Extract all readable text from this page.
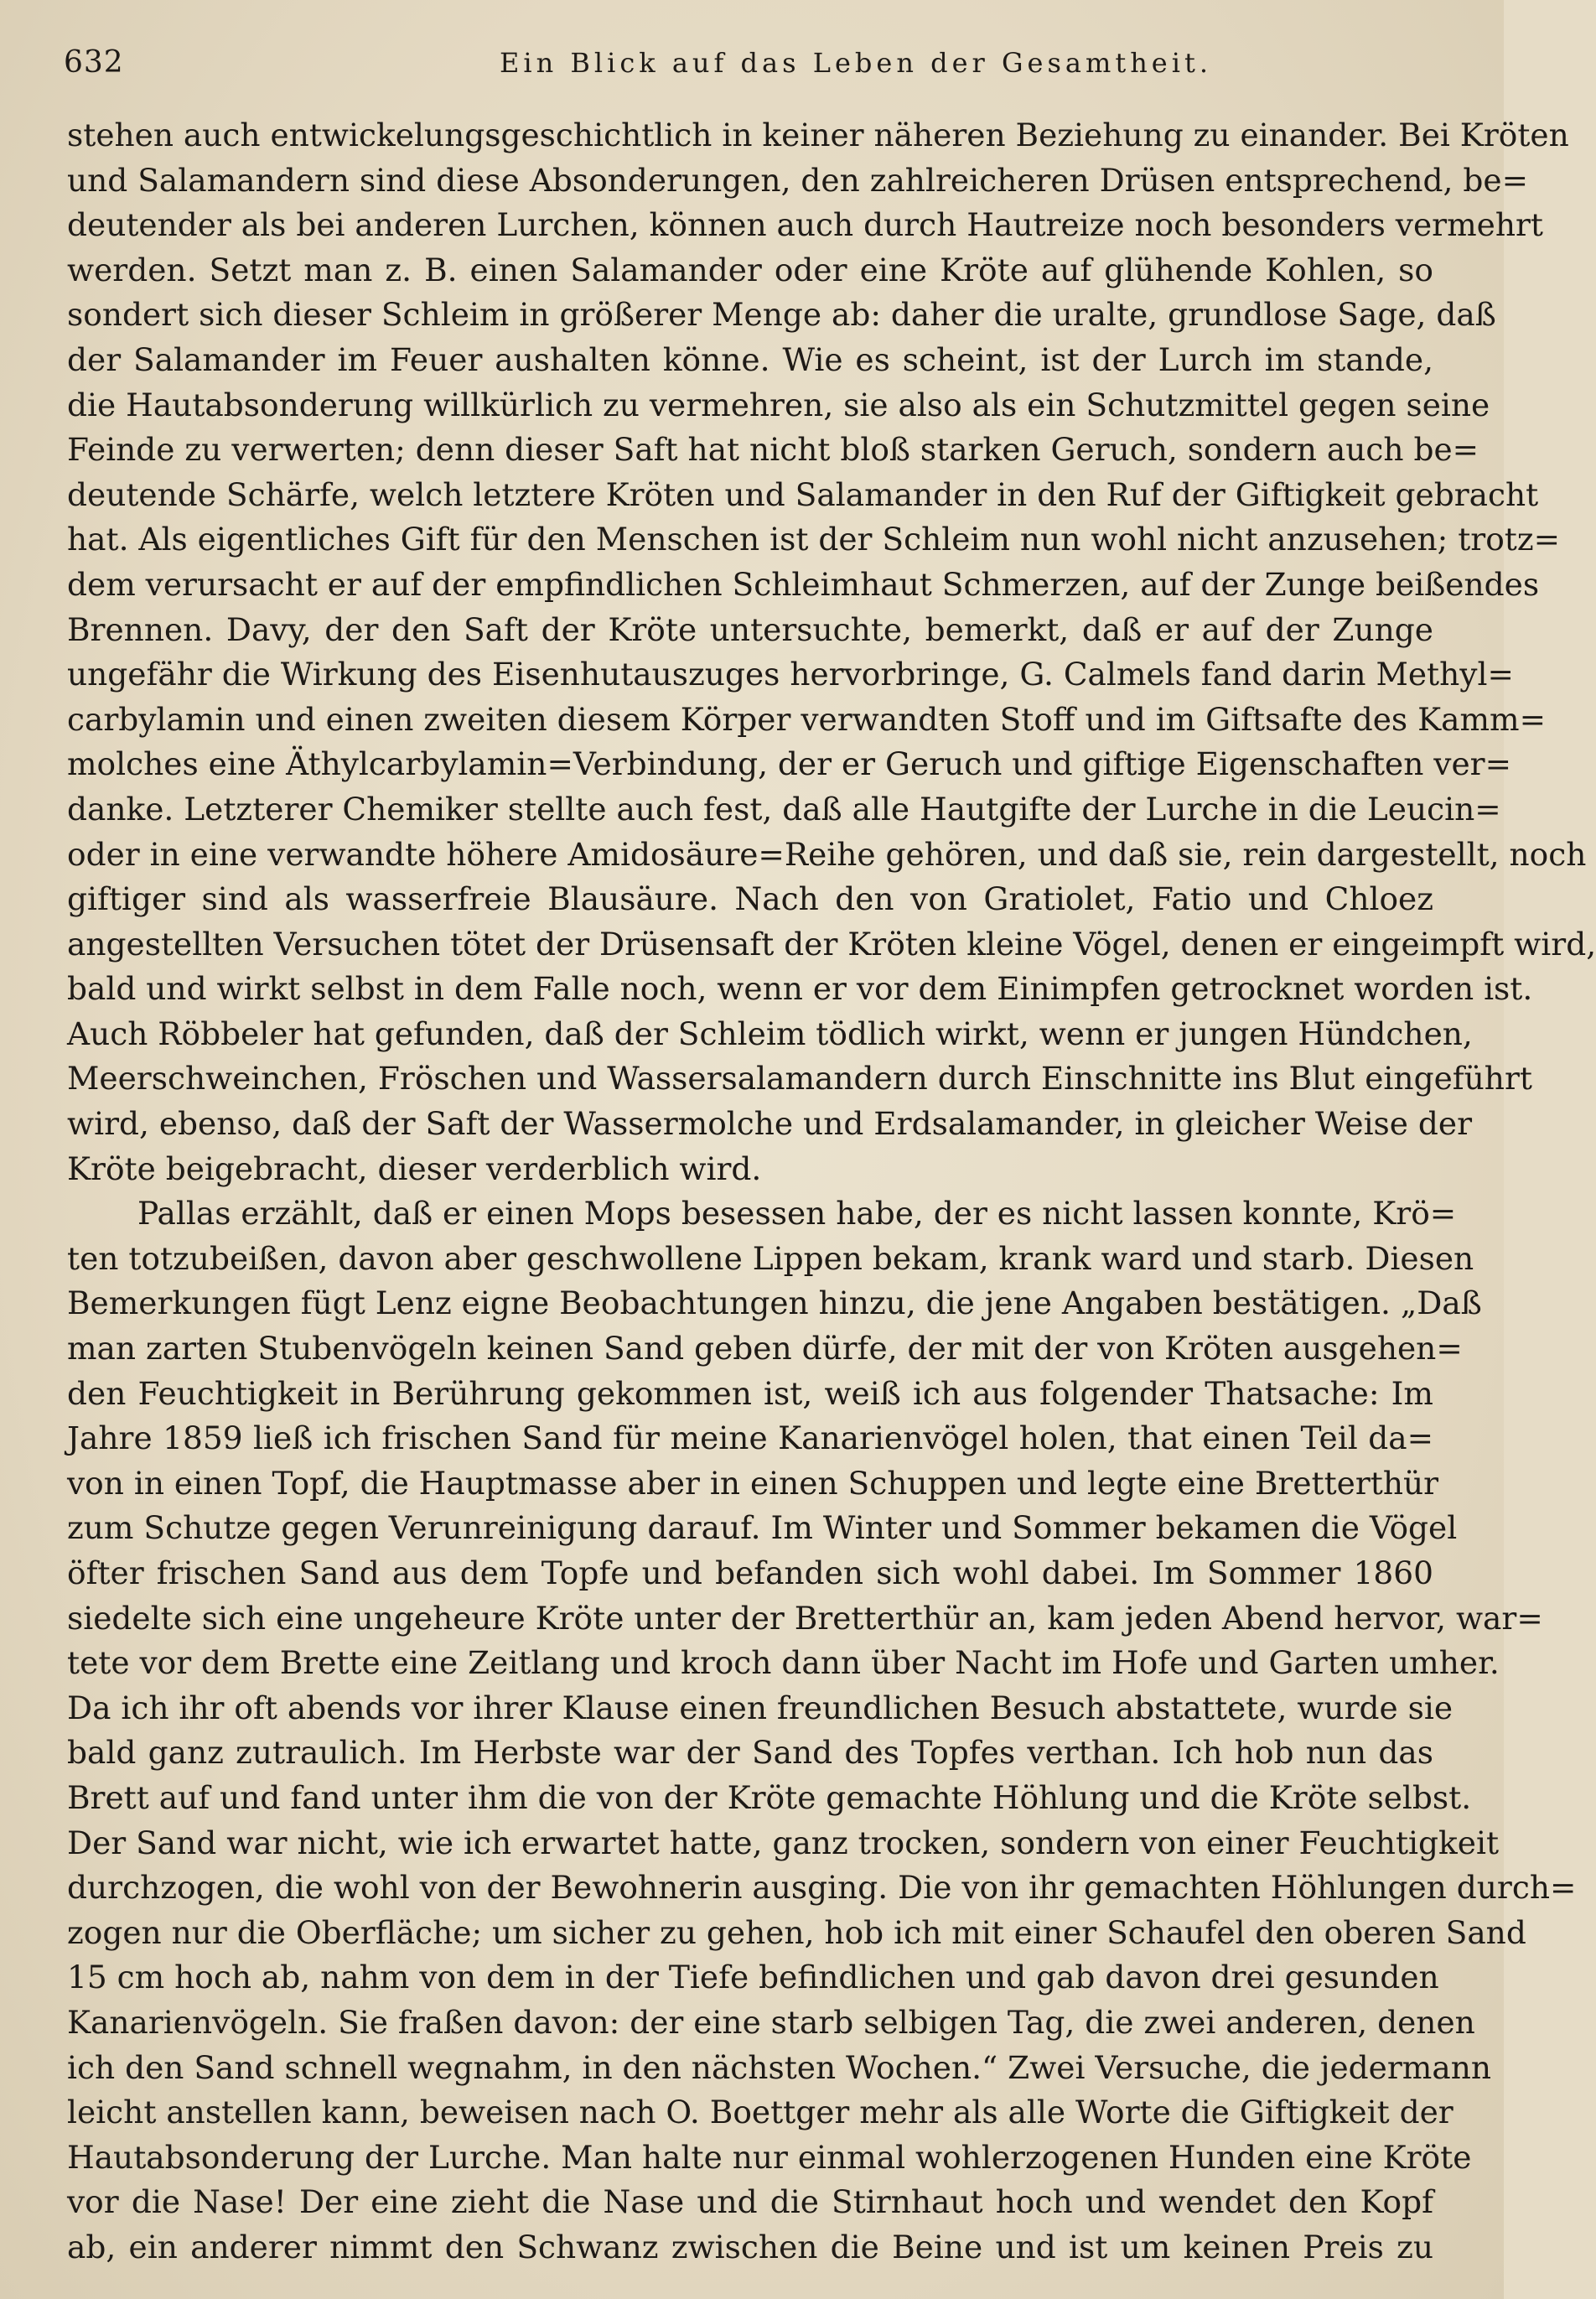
632	Ein Blick auf das Leben der Gesamtheit.
stehen auch entwickelungsgeschichtlich in keiner näheren Beziehung zu einander. Bei Kröten
und Salamandern sind diese Absonderungen, den zahlreicheren Drüsen entsprechend, be=
deutender als bei anderen Lurchen, können auch durch Hautreize noch besonders vermehrt
werden. Setzt man z. B. einen Salamander oder eine Kröte auf glühende Kohlen, so
sondert sich dieser Schleim in größerer Menge ab: daher die uralte, grundlose Sage, daß
der Salamander im Feuer aushalten könne. Wie es scheint, ist der Lurch im stande,
die Hautabsonderung willkürlich zu vermehren, sie also als ein Schutzmittel gegen seine
Feinde zu verwerten; denn dieser Saft hat nicht bloß starken Geruch, sondern auch be=
deutende Schärfe, welch letztere Kröten und Salamander in den Ruf der Giftigkeit gebracht
hat. Als eigentliches Gift für den Menschen ist der Schleim nun wohl nicht anzusehen; trotz=
dem verursacht er auf der empfindlichen Schleimhaut Schmerzen, auf der Zunge beißendes
Brennen. Davy, der den Saft der Kröte untersuchte, bemerkt, daß er auf der Zunge
ungefähr die Wirkung des Eisenhutauszuges hervorbringe, G. Calmels fand darin Methyl=
carbylamin und einen zweiten diesem Körper verwandten Stoff und im Giftsafte des Kamm=
molches eine Äthylcarbylamin=Verbindung, der er Geruch und giftige Eigenschaften ver=
danke. Letzterer Chemiker stellte auch fest, daß alle Hautgifte der Lurche in die Leucin=
oder in eine verwandte höhere Amidosäure=Reihe gehören, und daß sie, rein dargestellt, noch
giftiger sind als wasserfreie Blausäure. Nach den von Gratiolet, Fatio und Chloez
angestellten Versuchen tötet der Drüsensaft der Kröten kleine Vögel, denen er eingeimpft wird,
bald und wirkt selbst in dem Falle noch, wenn er vor dem Einimpfen getrocknet worden ist.
Auch Röbbeler hat gefunden, daß der Schleim tödlich wirkt, wenn er jungen Hündchen,
Meerschweinchen, Fröschen und Wassersalamandern durch Einschnitte ins Blut eingeführt
wird, ebenso, daß der Saft der Wassermolche und Erdsalamander, in gleicher Weise der
Kröte beigebracht, dieser verderblich wird.
Pallas erzählt, daß er einen Mops besessen habe, der es nicht lassen konnte, Krö=
ten totzubeißen, davon aber geschwollene Lippen bekam, krank ward und starb. Diesen
Bemerkungen fügt Lenz eigne Beobachtungen hinzu, die jene Angaben bestätigen. „Daß
man zarten Stubenvögeln keinen Sand geben dürfe, der mit der von Kröten ausgehen=
den Feuchtigkeit in Berührung gekommen ist, weiß ich aus folgender Thatsache: Im
Jahre 1859 ließ ich frischen Sand für meine Kanarienvögel holen, that einen Teil da=
von in einen Topf, die Hauptmasse aber in einen Schuppen und legte eine Bretterthür
zum Schutze gegen Verunreinigung darauf. Im Winter und Sommer bekamen die Vögel
öfter frischen Sand aus dem Topfe und befanden sich wohl dabei. Im Sommer 1860
siedelte sich eine ungeheure Kröte unter der Bretterthür an, kam jeden Abend hervor, war=
tete vor dem Brette eine Zeitlang und kroch dann über Nacht im Hofe und Garten umher.
Da ich ihr oft abends vor ihrer Klause einen freundlichen Besuch abstattete, wurde sie
bald ganz zutraulich. Im Herbste war der Sand des Topfes verthan. Ich hob nun das
Brett auf und fand unter ihm die von der Kröte gemachte Höhlung und die Kröte selbst.
Der Sand war nicht, wie ich erwartet hatte, ganz trocken, sondern von einer Feuchtigkeit
durchzogen, die wohl von der Bewohnerin ausging. Die von ihr gemachten Höhlungen durch=
zogen nur die Oberfläche; um sicher zu gehen, hob ich mit einer Schaufel den oberen Sand
15 cm hoch ab, nahm von dem in der Tiefe befindlichen und gab davon drei gesunden
Kanarienvögeln. Sie fraßen davon: der eine starb selbigen Tag, die zwei anderen, denen
ich den Sand schnell wegnahm, in den nächsten Wochen.“ Zwei Versuche, die jedermann
leicht anstellen kann, beweisen nach O. Boettger mehr als alle Worte die Giftigkeit der
Hautabsonderung der Lurche. Man halte nur einmal wohlerzogenen Hunden eine Kröte
vor die Nase! Der eine zieht die Nase und die Stirnhaut hoch und wendet den Kopf
ab, ein anderer nimmt den Schwanz zwischen die Beine und ist um keinen Preis zu
